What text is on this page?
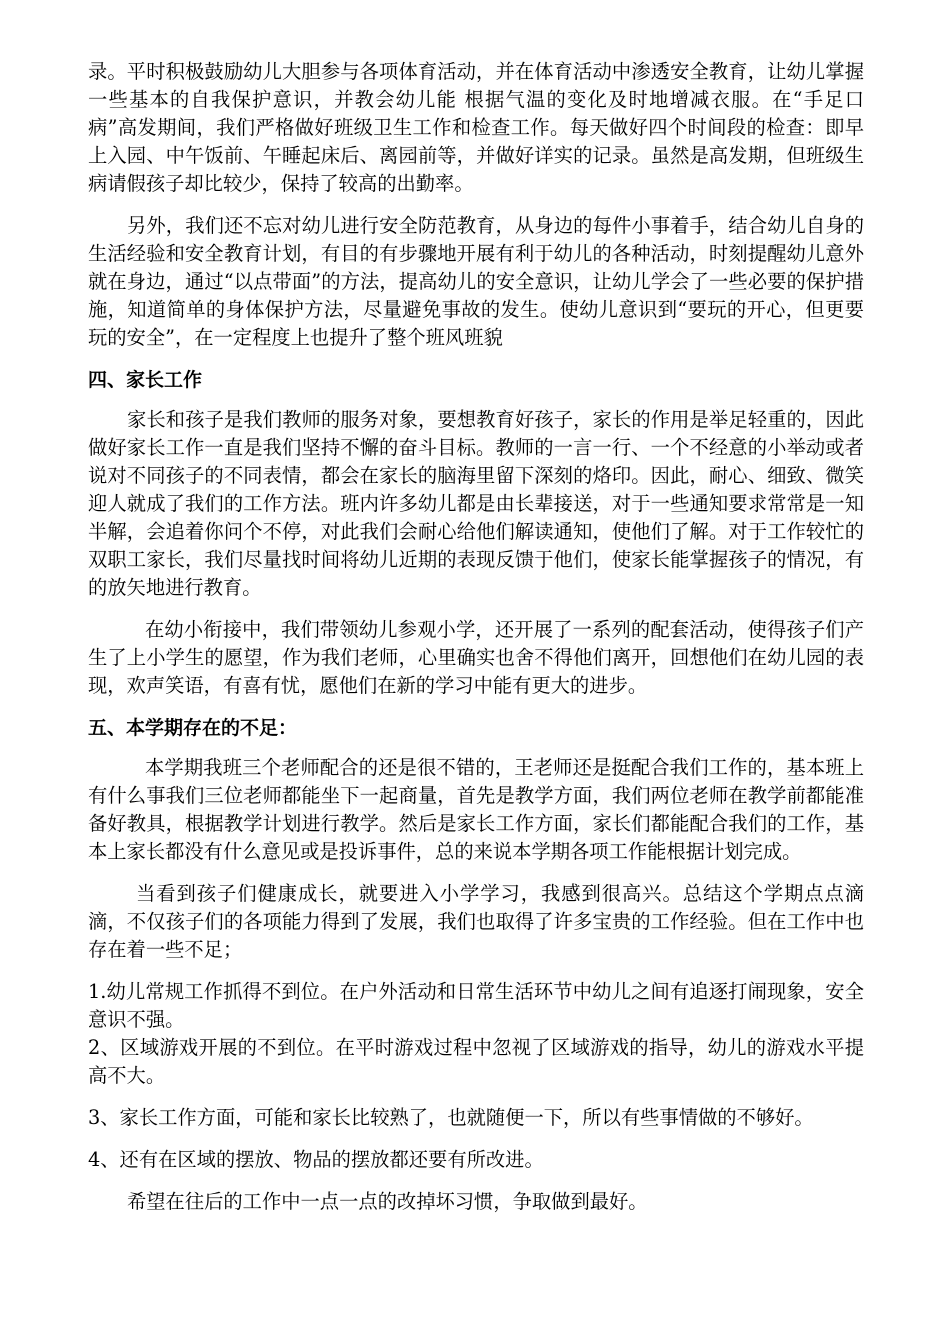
录。平时积极鼓励幼儿大胆参与各项体育活动，并在体育活动中渗透安全教育，让幼儿掌握一些基本的自我保护意识，并教会幼儿能 根据气温的变化及时地增减衣服。在“手足口病”高发期间，我们严格做好班级卫生工作和检查工作。每天做好四个时间段的检查：即早上入园、中午饭前、午睡起床后、离园前等，并做好详实的记录。虽然是高发期，但班级生病请假孩子却比较少，保持了较高的出勤率。

另外，我们还不忘对幼儿进行安全防范教育，从身边的每件小事着手，结合幼儿自身的生活经验和安全教育计划，有目的有步骤地开展有利于幼儿的各种活动，时刻提醒幼儿意外就在身边，通过“以点带面”的方法，提高幼儿的安全意识，让幼儿学会了一些必要的保护措施，知道简单的身体保护方法，尽量避免事故的发生。使幼儿意识到“要玩的开心，但更要玩的安全”，在一定程度上也提升了整个班风班貌

四、家长工作

家长和孩子是我们教师的服务对象，要想教育好孩子，家长的作用是举足轻重的，因此做好家长工作一直是我们坚持不懈的奋斗目标。教师的一言一行、一个不经意的小举动或者说对不同孩子的不同表情，都会在家长的脑海里留下深刻的烙印。因此，耐心、细致、微笑迎人就成了我们的工作方法。班内许多幼儿都是由长辈接送，对于一些通知要求常常是一知半解，会追着你问个不停，对此我们会耐心给他们解读通知，使他们了解。对于工作较忙的双职工家长，我们尽量找时间将幼儿近期的表现反馈于他们，使家长能掌握孩子的情况，有的放矢地进行教育。

在幼小衔接中，我们带领幼儿参观小学，还开展了一系列的配套活动，使得孩子们产生了上小学生的愿望，作为我们老师，心里确实也舍不得他们离开，回想他们在幼儿园的表现，欢声笑语，有喜有忧，愿他们在新的学习中能有更大的进步。

五、本学期存在的不足：

本学期我班三个老师配合的还是很不错的，王老师还是挺配合我们工作的，基本班上有什么事我们三位老师都能坐下一起商量，首先是教学方面，我们两位老师在教学前都能准备好教具，根据教学计划进行教学。然后是家长工作方面，家长们都能配合我们的工作，基本上家长都没有什么意见或是投诉事件，总的来说本学期各项工作能根据计划完成。

当看到孩子们健康成长，就要进入小学学习，我感到很高兴。总结这个学期点点滴滴，不仅孩子们的各项能力得到了发展，我们也取得了许多宝贵的工作经验。但在工作中也存在着一些不足；

1.幼儿常规工作抓得不到位。在户外活动和日常生活环节中幼儿之间有追逐打闹现象，安全意识不强。

2、区域游戏开展的不到位。在平时游戏过程中忽视了区域游戏的指导，幼儿的游戏水平提高不大。

3、家长工作方面，可能和家长比较熟了，也就随便一下，所以有些事情做的不够好。

4、还有在区域的摆放、物品的摆放都还要有所改进。

希望在往后的工作中一点一点的改掉坏习惯，争取做到最好。
